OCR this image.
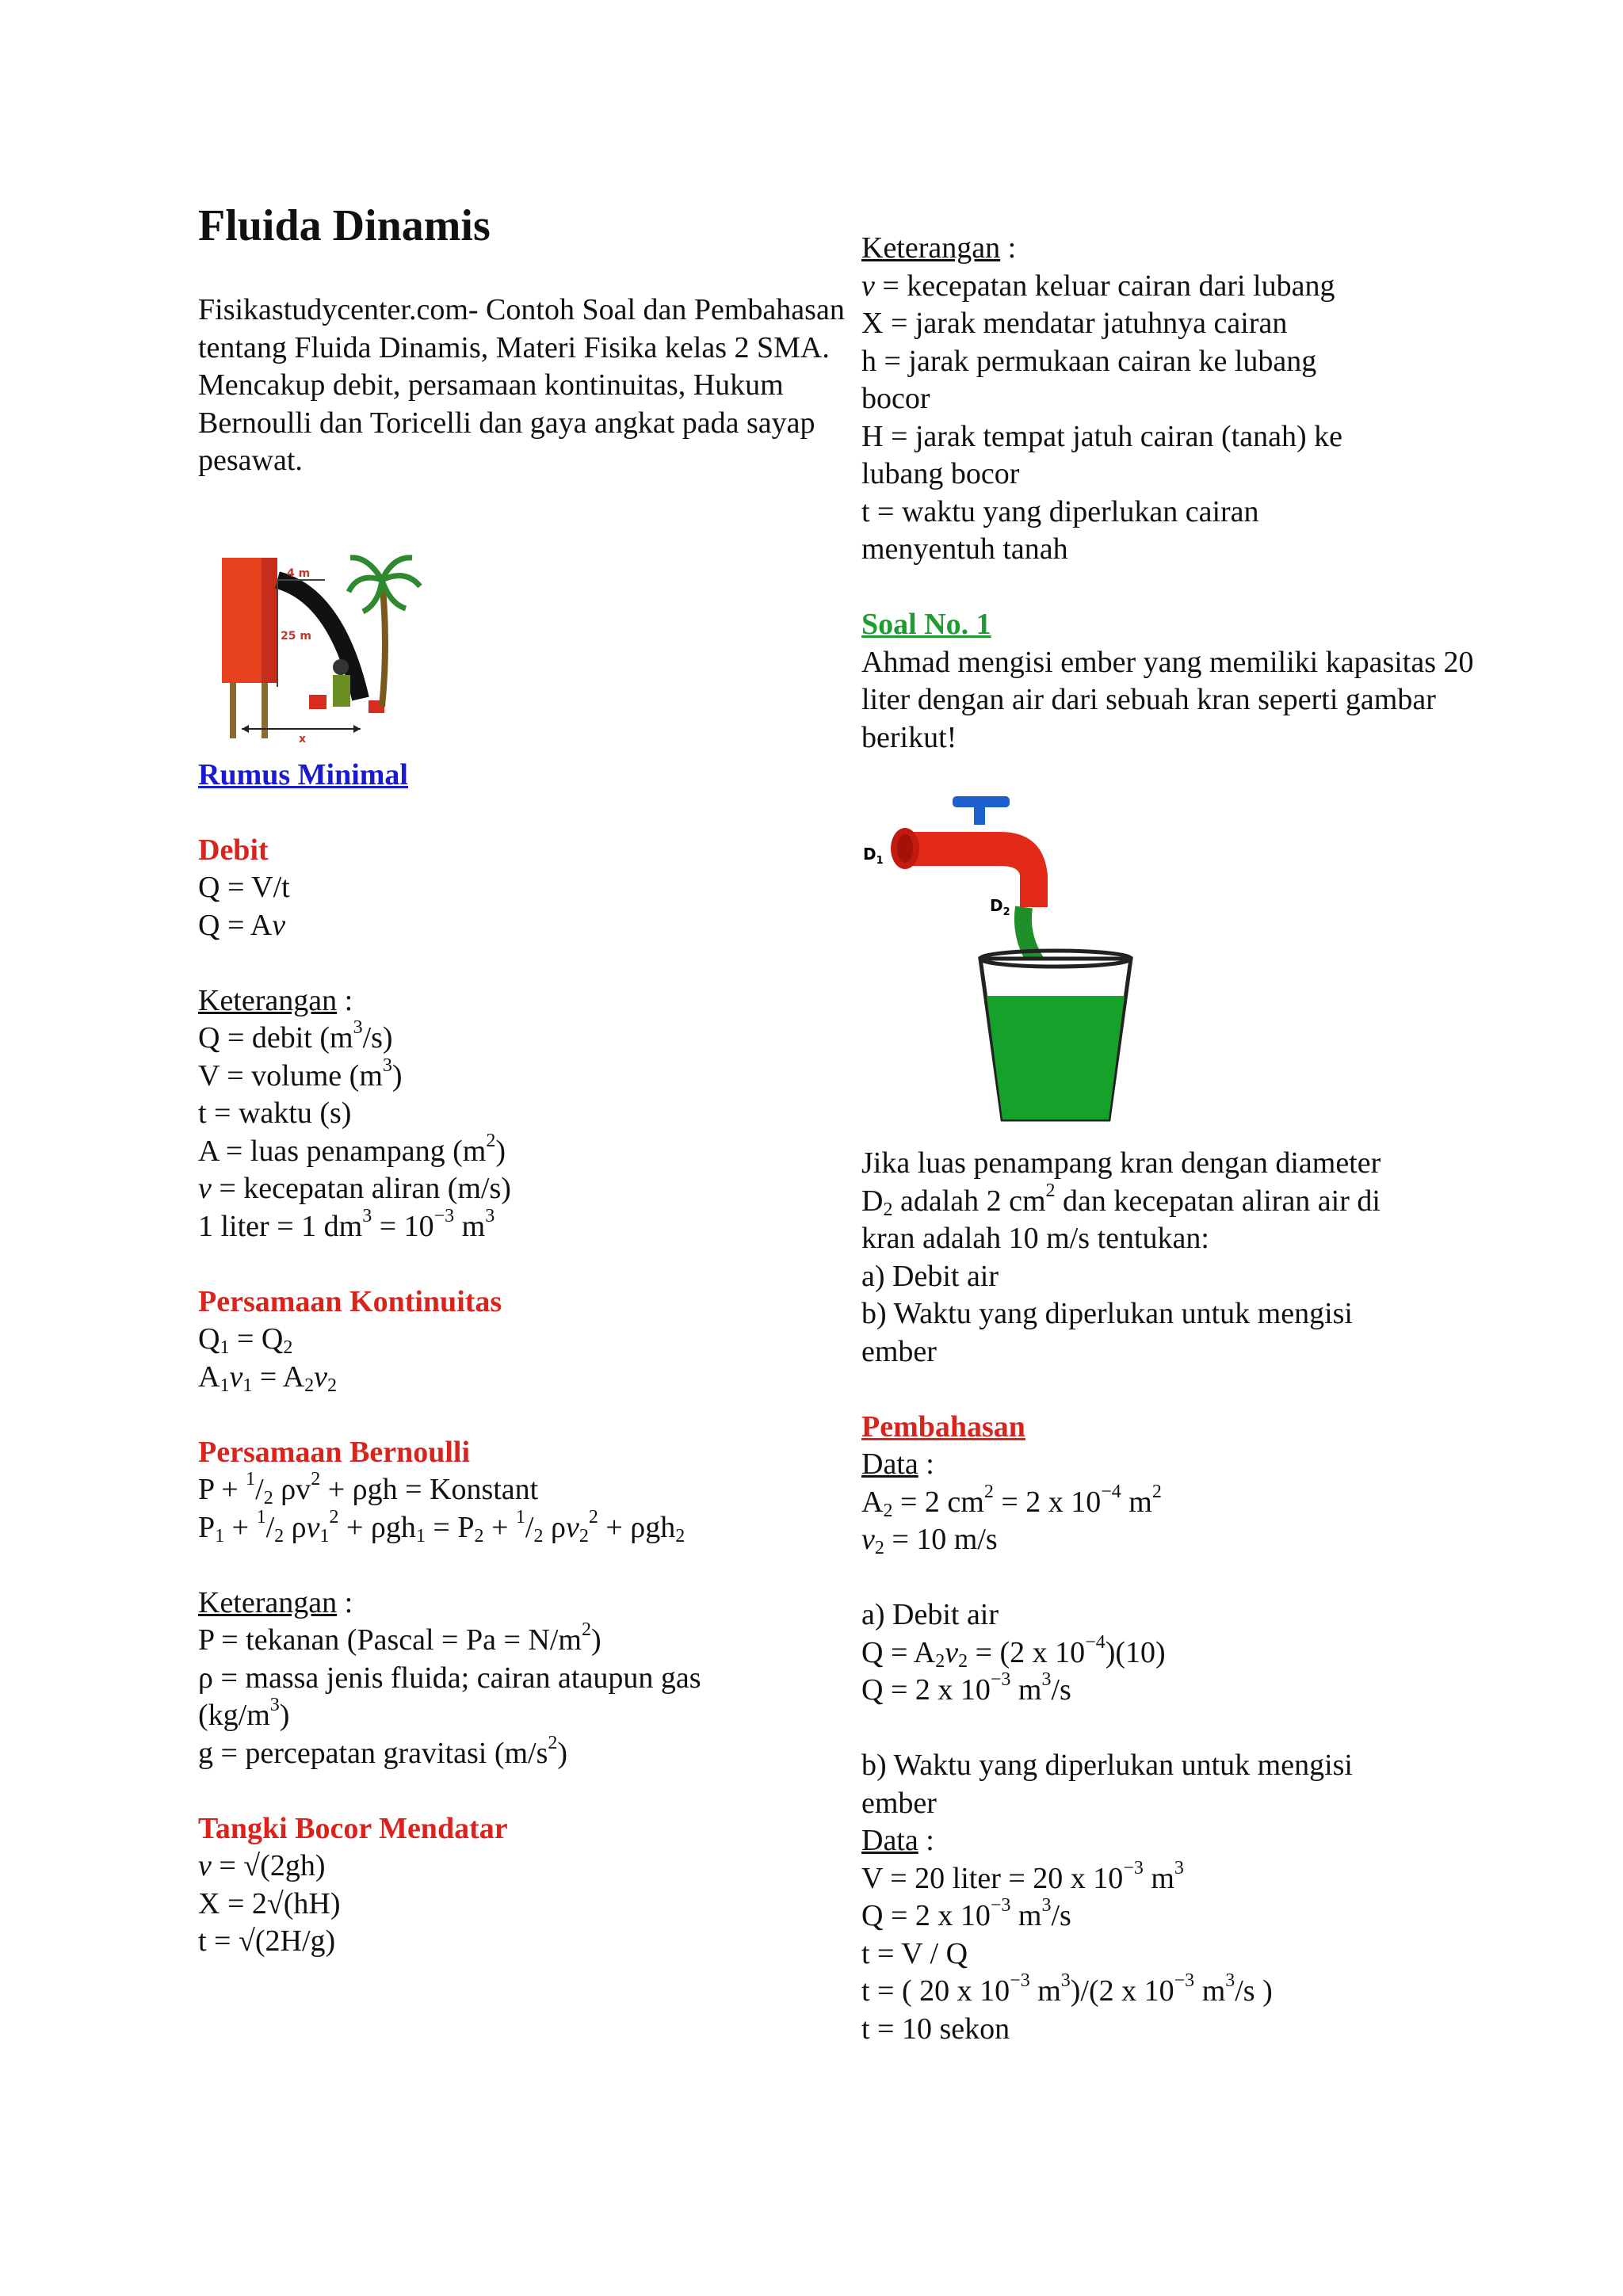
Fluida Dinamis

Fisikastudycenter.com- Contoh Soal dan Pembahasan tentang Fluida Dinamis, Materi Fisika kelas 2 SMA. Mencakup debit, persamaan kontinuitas, Hukum Bernoulli dan Toricelli dan gaya angkat pada sayap pesawat.

4 m
25 m
x

Rumus Minimal

Debit

Q = V/t

Q = Av

Keterangan :

Q = debit $(m^3/s)$

V = volume $(m^3)$

t = waktu (s)

A = luas penampang $(m^2)$

v = kecepatan aliran (m/s)

1 liter = 1 $dm^3 = 10^{-3}$ $m^3$

Persamaan Kontinuitas

$Q_1 = Q_2$

$A_1v_1 = A_2v_2$

Persamaan Bernoulli

$P + ^1/_2$ $\rho v^2 + \rho gh$ = Konstant

$P_1 + ^1/_2$ $\rho v_1^2 + \rho gh_1 = P_2 + ^1/_2$ $\rho v_2^2 + \rho gh_2$

Keterangan :

P = tekanan (Pascal = $Pa = N/m^2$)

ρ = massa jenis fluida; cairan ataupun gas

$(kg/m^3)$

g = percepatan gravitasi $(m/s^2)$

Tangki Bocor Mendatar

v = √(2gh)

X = 2√(hH)

t = √(2H/g)

Keterangan :

v = kecepatan keluar cairan dari lubang

X = jarak mendatar jatuhnya cairan

h = jarak permukaan cairan ke lubang

bocor

H = jarak tempat jatuh cairan (tanah) ke

lubang bocor

t = waktu yang diperlukan cairan

menyentuh tanah

Soal No. 1

Ahmad mengisi ember yang memiliki kapasitas 20 liter dengan air dari sebuah kran seperti gambar berikut!

$D_1$
$D_2$

Jika luas penampang kran dengan diameter

$D_2$ adalah 2 $cm^2$ dan kecepatan aliran air di

kran adalah 10 m/s tentukan:

a) Debit air

b) Waktu yang diperlukan untuk mengisi

ember

Pembahasan

Data :

$A_2 = 2$ $cm^2 = 2$ x $10^{-4}$ $m^2$

$v_2 = 10$ m/s

a) Debit air

$Q = A_2v_2 = (2$ x $10^{-4})(10)$

Q = 2 x $10^{-3}$ $m^3/s$

b) Waktu yang diperlukan untuk mengisi

ember

Data :

V = 20 liter = 20 x $10^{-3}$ $m^3$

Q = 2 x $10^{-3}$ $m^3/s$

t = V / Q

t = ( 20 x $10^{-3}$ $m^3)/(2$ x $10^{-3}$ $m^3/s$ )

t = 10 sekon
